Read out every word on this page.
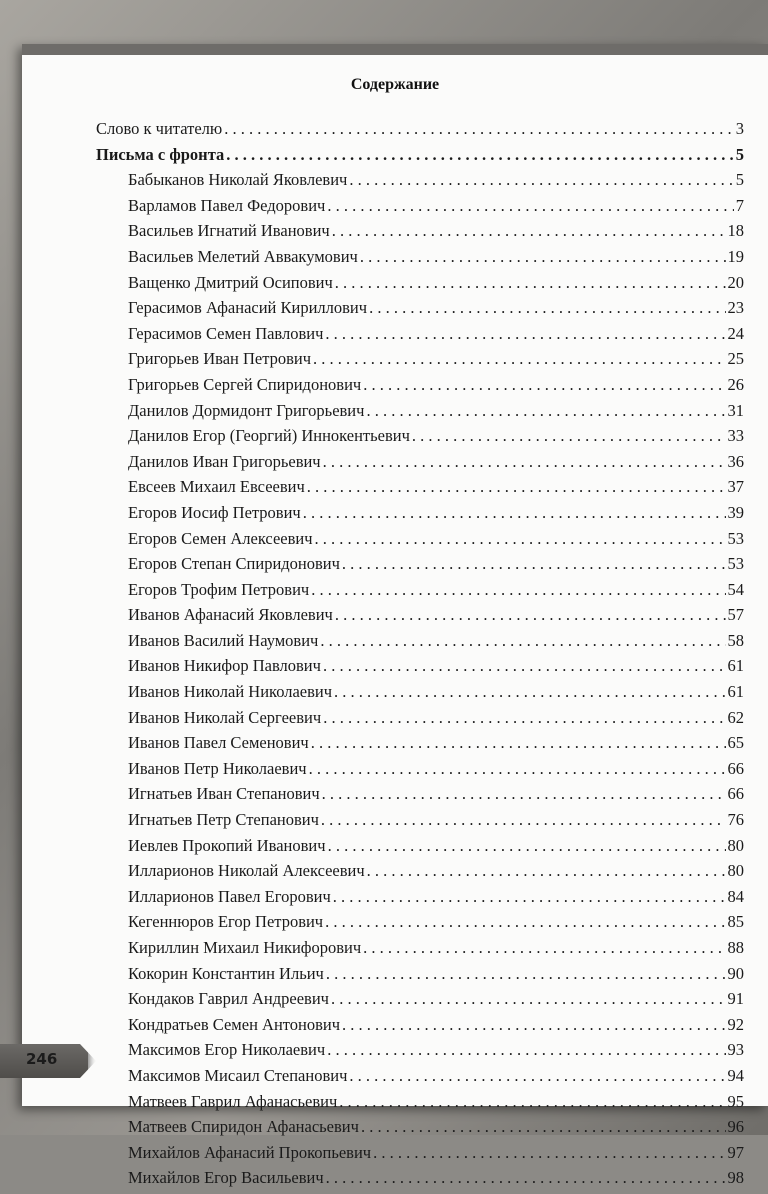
Содержание
Слово к читателю . . .	3
Письма с фронта . . .	5
Бабыканов Николай Яковлевич . . .	5
Варламов Павел Федорович . . .	7
Васильев Игнатий Иванович . . .	18
Васильев Мелетий Аввакумович . . .	19
Ващенко Дмитрий Осипович . . .	20
Герасимов Афанасий Кириллович . . .	23
Герасимов Семен Павлович . . .	24
Григорьев Иван Петрович . . .	25
Григорьев Сергей Спиридонович . . .	26
Данилов Дормидонт Григорьевич . . .	31
Данилов Егор (Георгий) Иннокентьевич . . .	33
Данилов Иван Григорьевич . . .	36
Евсеев Михаил Евсеевич . . .	37
Егоров Иосиф Петрович . . .	39
Егоров Семен Алексеевич . . .	53
Егоров Степан Спиридонович . . .	53
Егоров Трофим Петрович . . .	54
Иванов Афанасий Яковлевич . . .	57
Иванов Василий Наумович . . .	58
Иванов Никифор Павлович . . .	61
Иванов Николай Николаевич . . .	61
Иванов Николай Сергеевич . . .	62
Иванов Павел Семенович . . .	65
Иванов Петр Николаевич . . .	66
Игнатьев Иван Степанович . . .	66
Игнатьев Петр Степанович . . .	76
Иевлев Прокопий Иванович . . .	80
Илларионов Николай Алексеевич . . .	80
Илларионов Павел Егорович . . .	84
Кегеннюров Егор Петрович . . .	85
Кириллин Михаил Никифорович . . .	88
Кокорин Константин Ильич . . .	90
Кондаков Гаврил Андреевич . . .	91
Кондратьев Семен Антонович . . .	92
Максимов Егор Николаевич . . .	93
Максимов Мисаил Степанович . . .	94
Матвеев Гаврил Афанасьевич . . .	95
Матвеев Спиридон Афанасьевич . . .	96
Михайлов Афанасий Прокопьевич . . .	97
Михайлов Егор Васильевич . . .	98
246
